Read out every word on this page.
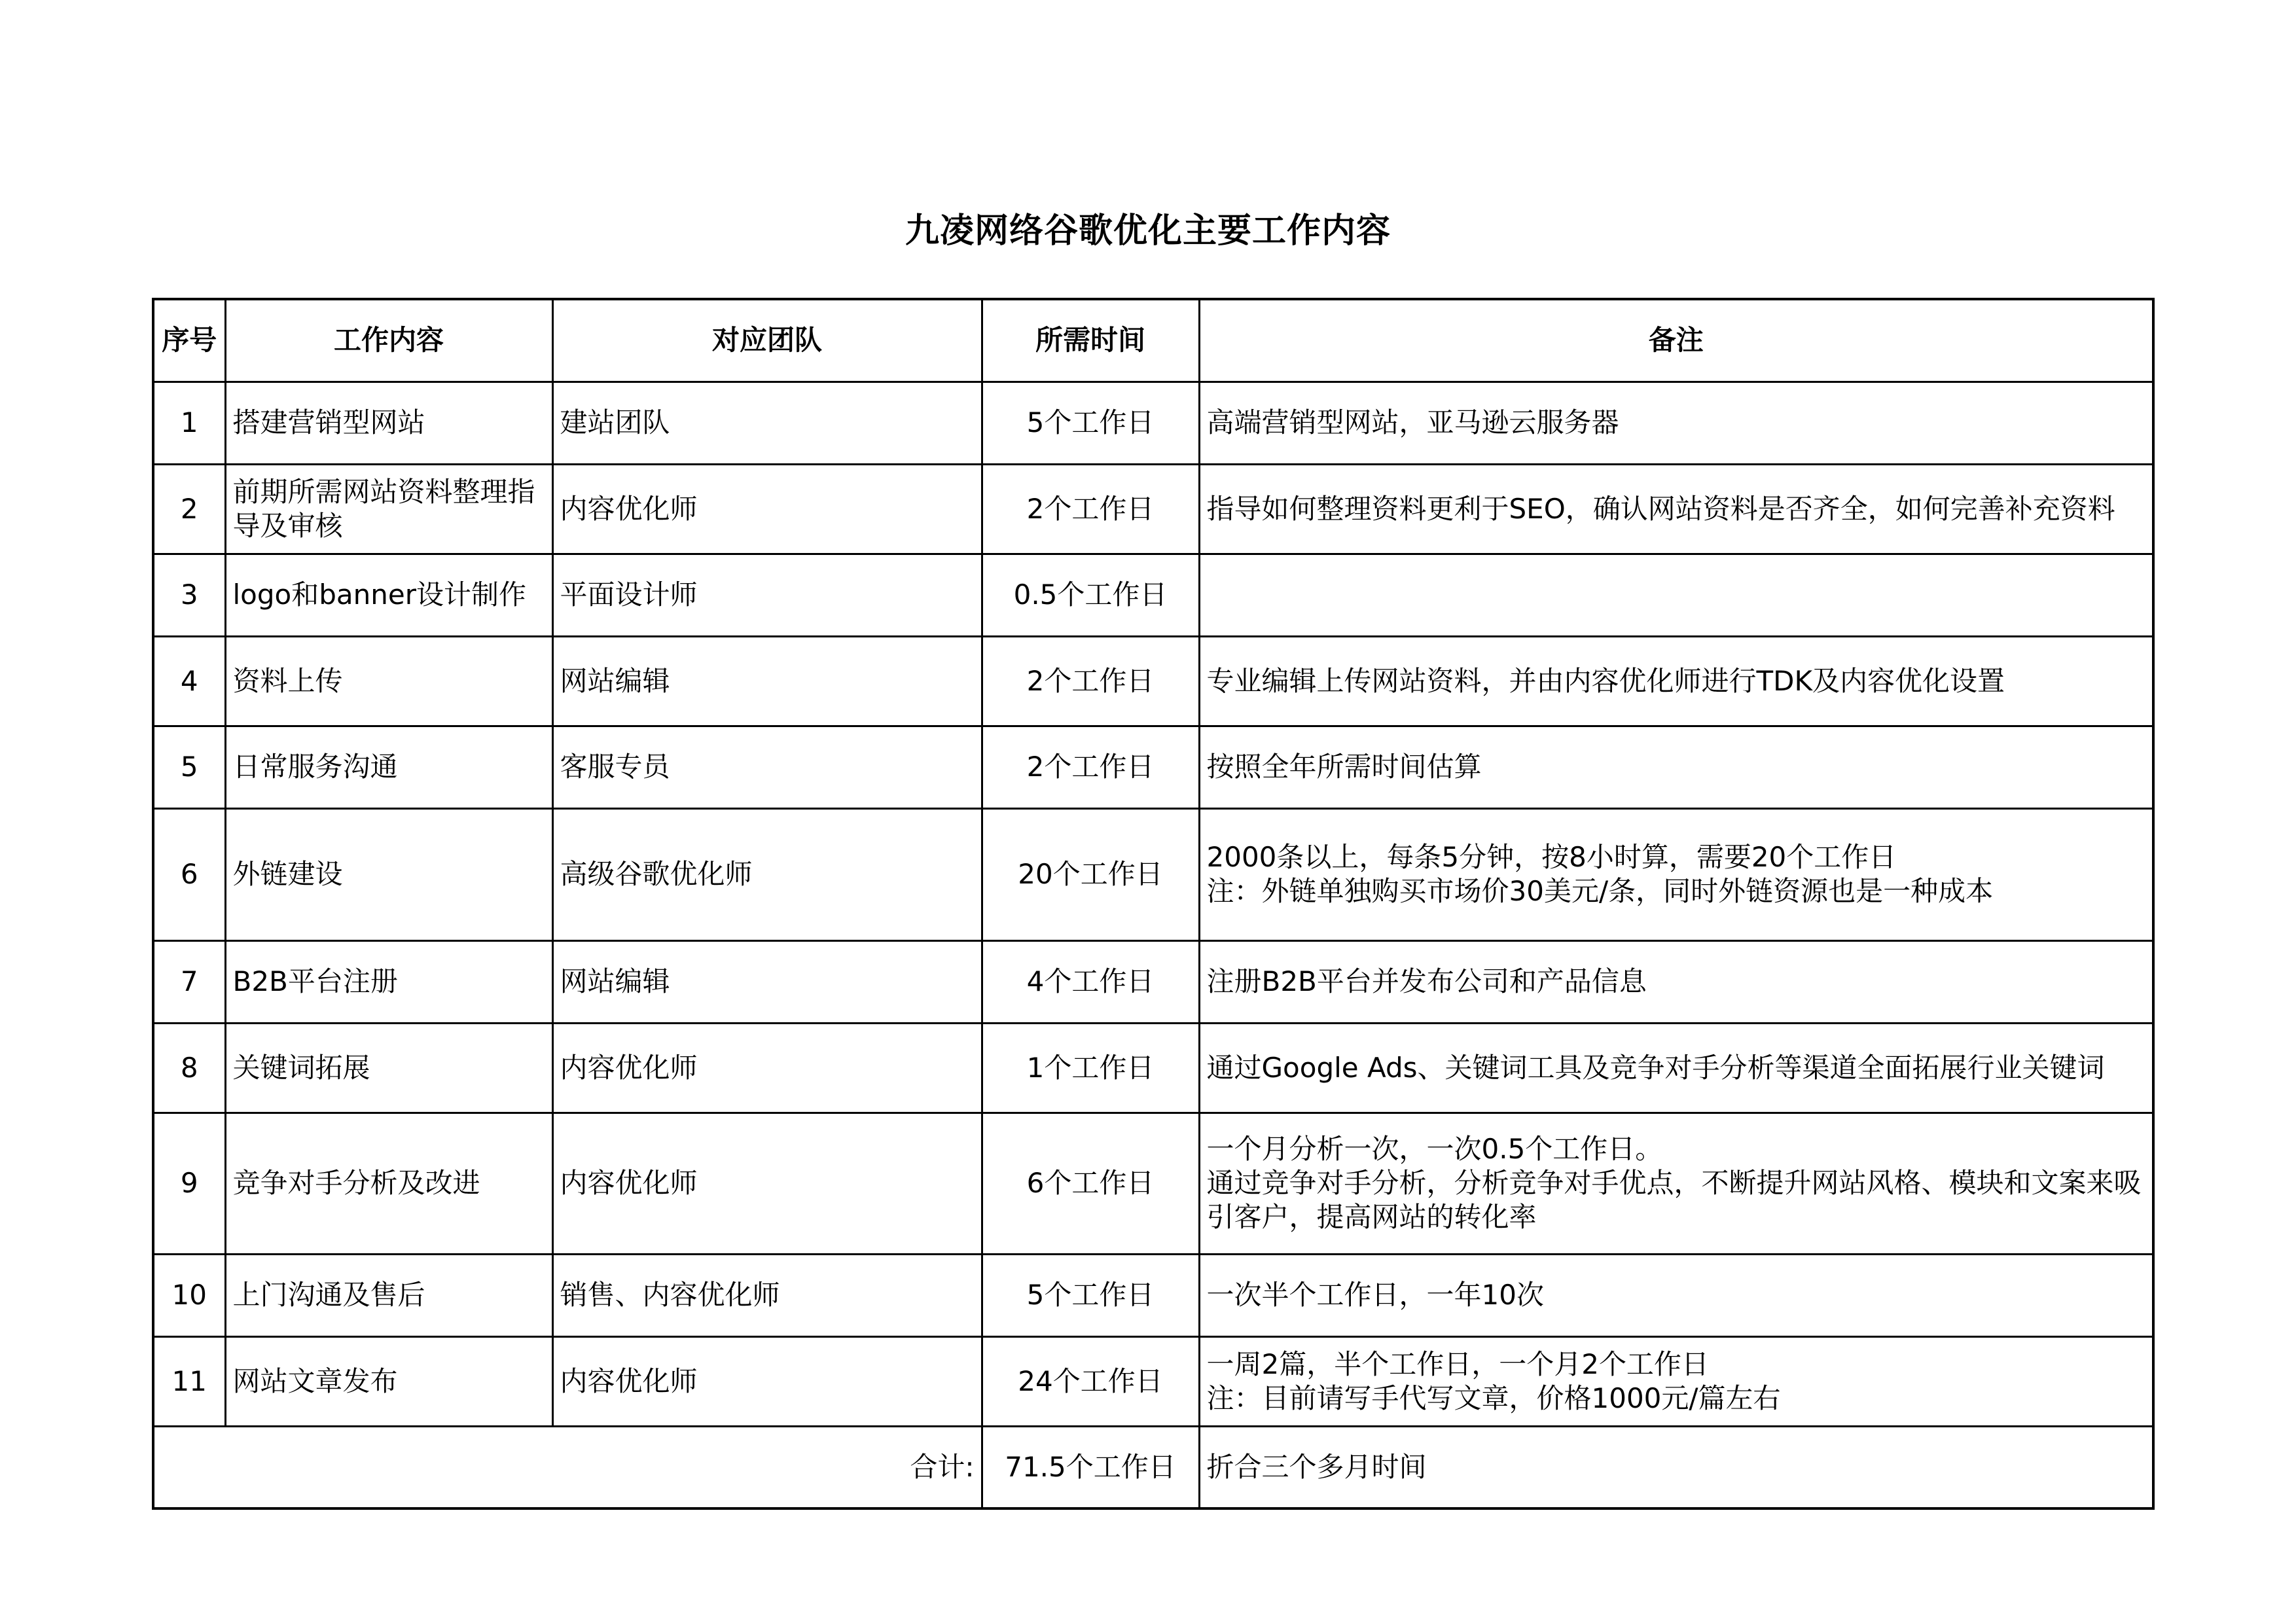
九凌网络谷歌优化主要工作内容
序号	工作内容	对应团队	所需时间	备注
1	搭建营销型网站	建站团队	5个工作日	高端营销型网站，亚马逊云服务器
2	前期所需网站资料整理指导及审核	内容优化师	2个工作日	指导如何整理资料更利于SEO，确认网站资料是否齐全，如何完善补充资料
3	logo和banner设计制作	平面设计师	0.5个工作日	
4	资料上传	网站编辑	2个工作日	专业编辑上传网站资料，并由内容优化师进行TDK及内容优化设置
5	日常服务沟通	客服专员	2个工作日	按照全年所需时间估算
6	外链建设	高级谷歌优化师	20个工作日	2000条以上，每条5分钟，按8小时算，需要20个工作日
注：外链单独购买市场价30美元/条，同时外链资源也是一种成本
7	B2B平台注册	网站编辑	4个工作日	注册B2B平台并发布公司和产品信息
8	关键词拓展	内容优化师	1个工作日	通过Google Ads、关键词工具及竞争对手分析等渠道全面拓展行业关键词
9	竞争对手分析及改进	内容优化师	6个工作日	一个月分析一次，一次0.5个工作日。
通过竞争对手分析，分析竞争对手优点，不断提升网站风格、模块和文案来吸引客户，提高网站的转化率
10	上门沟通及售后	销售、内容优化师	5个工作日	一次半个工作日，一年10次
11	网站文章发布	内容优化师	24个工作日	一周2篇，半个工作日，一个月2个工作日
注：目前请写手代写文章，价格1000元/篇左右
合计:			71.5个工作日	折合三个多月时间
